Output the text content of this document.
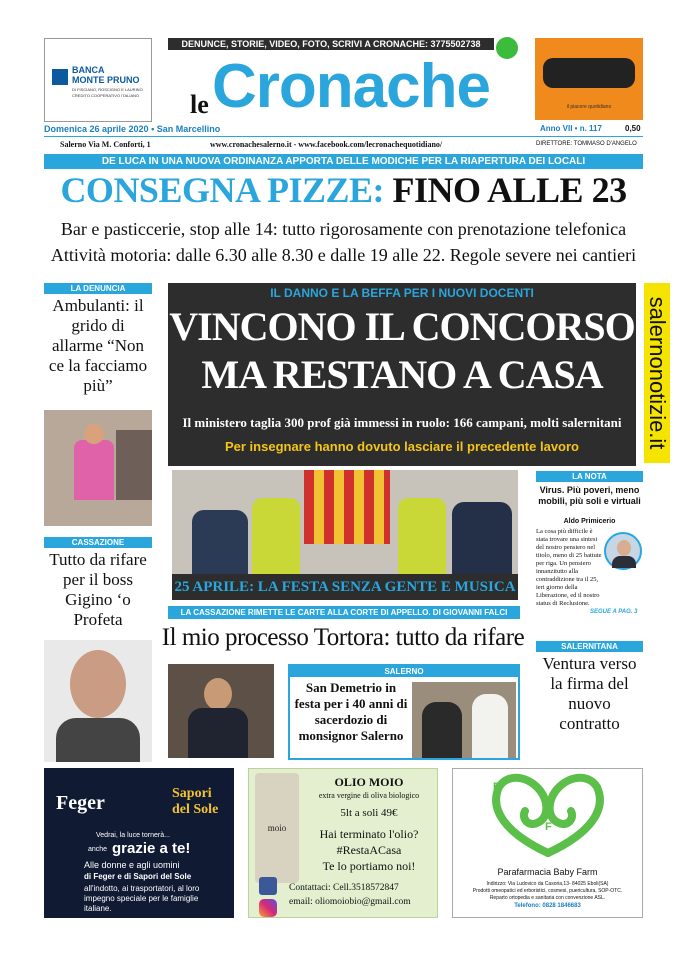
BANCA
MONTE PRUNO
DI FISCIANO, ROSCIGNO E LAURINO
CREDITO COOPERATIVO ITALIANO
DENUNCE, STORIE, VIDEO, FOTO, SCRIVI A CRONACHE: 3775502738
le Cronache	il piacere quotidiano
Domenica 26 aprile 2020 • San Marcellino	Anno VII • n. 117	0,50
Salerno Via M. Conforti, 1	www.cronachesalerno.it - www.facebook.com/lecronachequotidiano/	DIRETTORE: TOMMASO D'ANGELO
DE LUCA IN UNA NUOVA ORDINANZA APPORTA DELLE MODICHE PER LA RIAPERTURA DEI LOCALI
CONSEGNA PIZZE: FINO ALLE 23
Bar e pasticcerie, stop alle 14: tutto rigorosamente con prenotazione telefonica
Attività motoria: dalle 6.30 alle 8.30 e dalle 19 alle 22. Regole severe nei cantieri
LA DENUNCIA
Ambulanti: il grido di allarme “Non ce la facciamo più”
CASSAZIONE
Tutto da rifare per il boss Gigino ‘o Profeta
IL DANNO E LA BEFFA PER I NUOVI DOCENTI
VINCONO IL CONCORSO
MA RESTANO A CASA
Il ministero taglia 300 prof già immessi in ruolo: 166 campani, molti salernitani
Per insegnare hanno dovuto lasciare il precedente lavoro	salernonotizie.it
25 APRILE: LA FESTA SENZA GENTE E MUSICA
LA CASSAZIONE RIMETTE LE CARTE ALLA CORTE DI APPELLO. DI GIOVANNI FALCI
Il mio processo Tortora: tutto da rifare
SALERNO
San Demetrio in festa per i 40 anni di sacerdozio di monsignor Salerno
LA NOTA
Virus. Più poveri, meno mobili, più soli e virtuali
Aldo Primicerio
La cosa più difficile è stata trovare una sintesi del nostro pensiero nel titolo, meno di 25 battute per riga. Un pensiero innanzitutto alla contraddizione tra il 25, ieri giorno della Liberazione, ed il nostro status di Reclusione.
SEGUE A PAG. 3
SALERNITANA
Ventura verso la firma del nuovo contratto
Feger	Sapori
del Sole
Vedrai, la luce tornerà...
anche grazie a te!
Alle donne e agli uomini
di Feger e di Sapori del Sole
all'indotto, ai trasportatori, al loro impegno speciale per le famiglie italiane.
moio
OLIO MOIO
extra vergine di oliva biologico
5lt a soli 49€
Hai terminato l'olio?
#RestaACasa
Te lo portiamo noi!
Contattaci: Cell.3518572847
email: oliomoiobio@gmail.com
B
F
Parafarmacia Baby Farm
Indirizzo: Via Ludovico da Casoria,13- 84025 Eboli(SA)
Prodotti omeopatici ed erboristici, cosmesi, puericultura, SOP-OTC.
Reparto ortopedia e sanitaria con convenzione ASL.
Telefono: 0828 1846683
